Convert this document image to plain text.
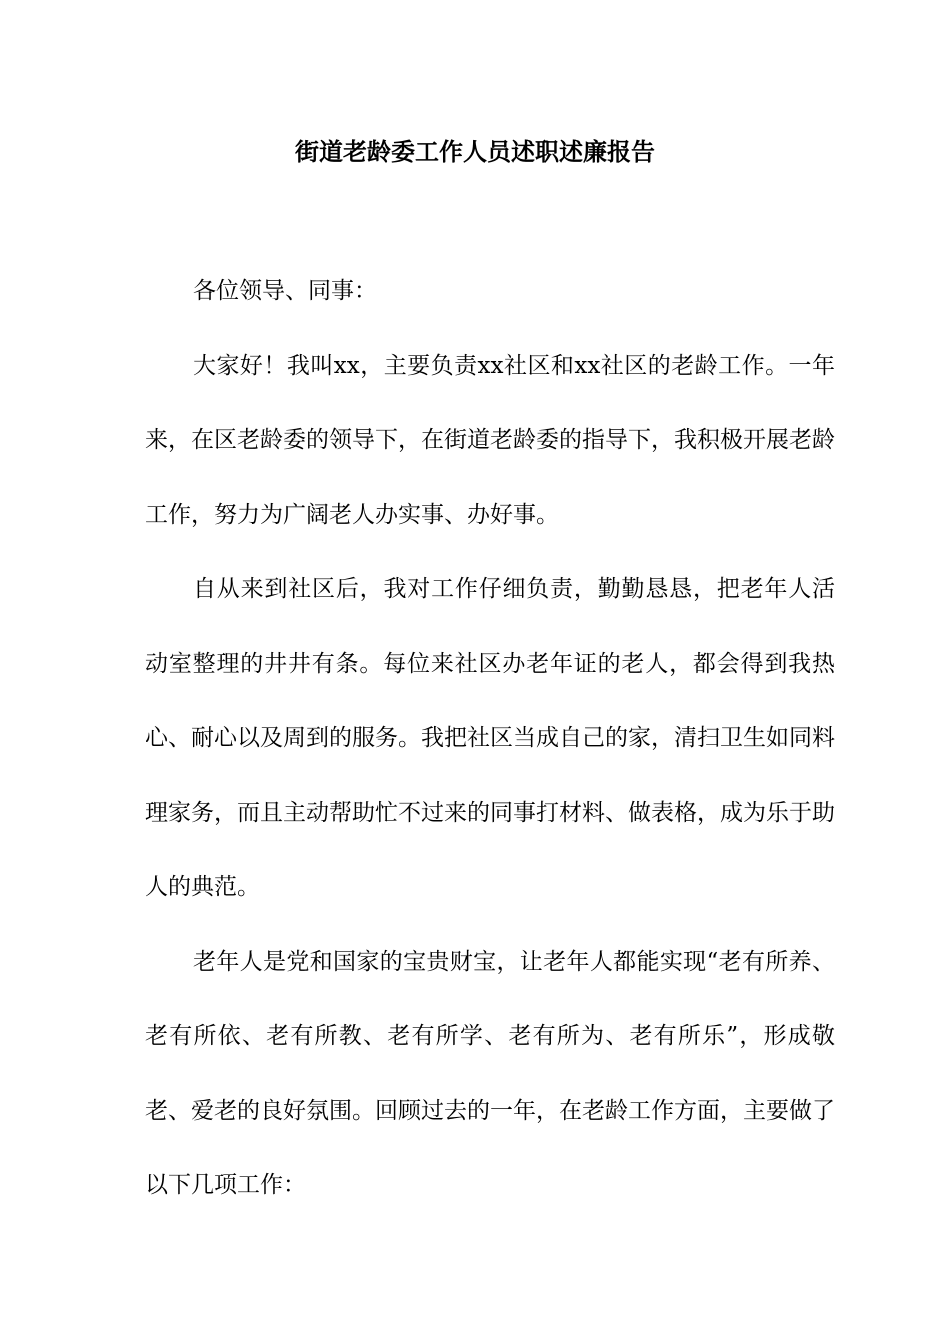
街道老龄委工作人员述职述廉报告

各位领导、同事：

大家好！我叫xx，主要负责xx社区和xx社区的老龄工作。一年来，在区老龄委的领导下，在街道老龄委的指导下，我积极开展老龄工作，努力为广阔老人办实事、办好事。

自从来到社区后，我对工作仔细负责，勤勤恳恳，把老年人活动室整理的井井有条。每位来社区办老年证的老人，都会得到我热心、耐心以及周到的服务。我把社区当成自己的家，清扫卫生如同料理家务，而且主动帮助忙不过来的同事打材料、做表格，成为乐于助人的典范。

老年人是党和国家的宝贵财宝，让老年人都能实现“老有所养、老有所依、老有所教、老有所学、老有所为、老有所乐”，形成敬老、爱老的良好氛围。回顾过去的一年，在老龄工作方面，主要做了以下几项工作：
